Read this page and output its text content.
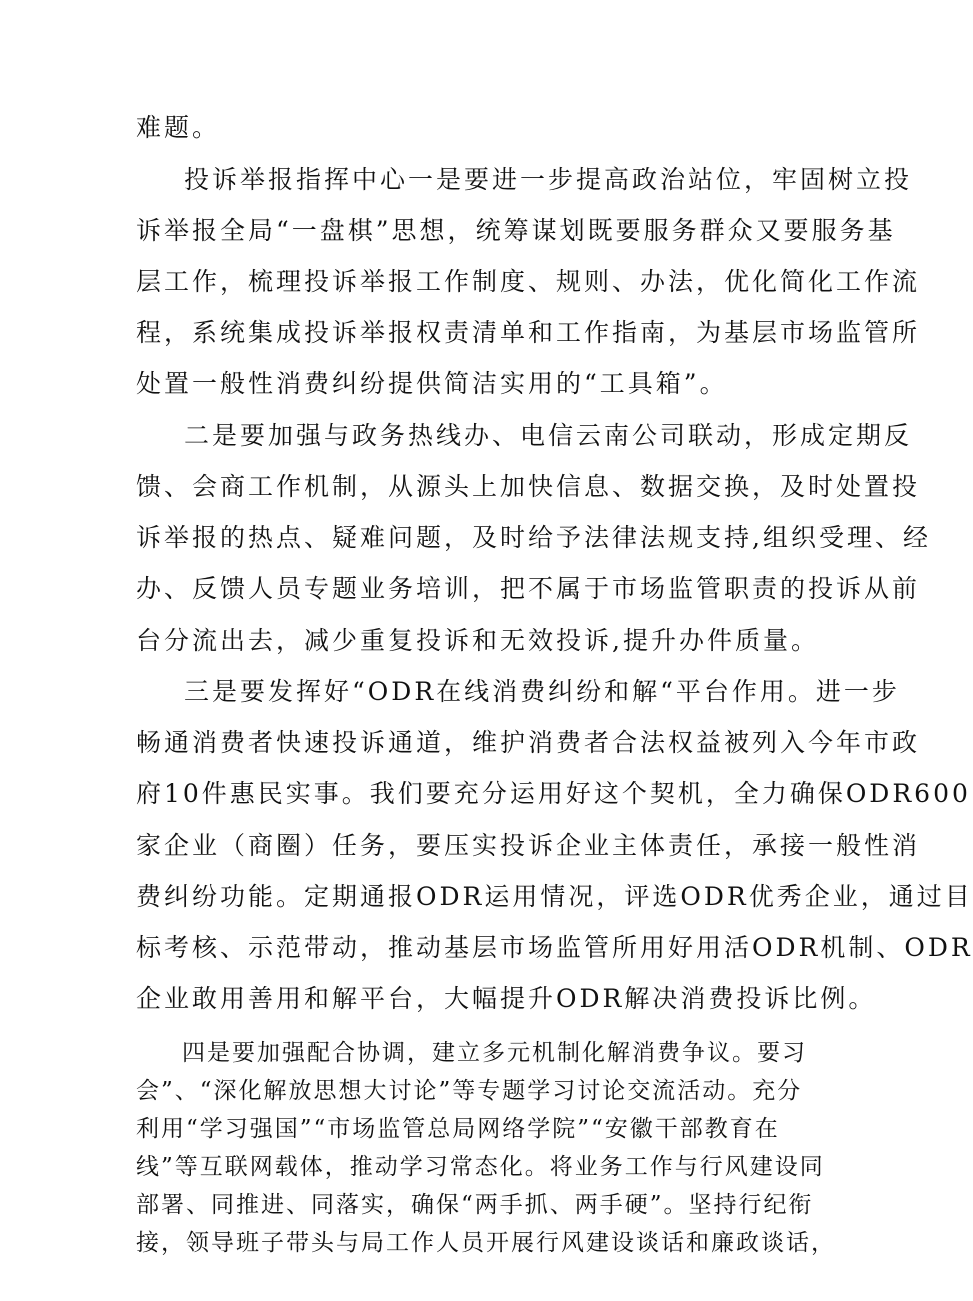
难题。
投诉举报指挥中心一是要进一步提高政治站位，牢固树立投
诉举报全局“一盘棋”思想，统筹谋划既要服务群众又要服务基
层工作，梳理投诉举报工作制度、规则、办法，优化简化工作流
程，系统集成投诉举报权责清单和工作指南，为基层市场监管所
处置一般性消费纠纷提供简洁实用的“工具箱”。
二是要加强与政务热线办、电信云南公司联动，形成定期反
馈、会商工作机制，从源头上加快信息、数据交换，及时处置投
诉举报的热点、疑难问题，及时给予法律法规支持,组织受理、经
办、反馈人员专题业务培训，把不属于市场监管职责的投诉从前
台分流出去，减少重复投诉和无效投诉,提升办件质量。
三是要发挥好“ODR在线消费纠纷和解“平台作用。进一步
畅通消费者快速投诉通道，维护消费者合法权益被列入今年市政
府10件惠民实事。我们要充分运用好这个契机，全力确保ODR600
家企业（商圈）任务，要压实投诉企业主体责任，承接一般性消
费纠纷功能。定期通报ODR运用情况，评选ODR优秀企业，通过目
标考核、示范带动，推动基层市场监管所用好用活ODR机制、ODR
企业敢用善用和解平台，大幅提升ODR解决消费投诉比例。
四是要加强配合协调，建立多元机制化解消费争议。要习
会”、“深化解放思想大讨论”等专题学习讨论交流活动。充分
利用“学习强国”“市场监管总局网络学院”“安徽干部教育在
线”等互联网载体，推动学习常态化。将业务工作与行风建设同
部署、同推进、同落实，确保“两手抓、两手硬”。坚持行纪衔
接，领导班子带头与局工作人员开展行风建设谈话和廉政谈话，
